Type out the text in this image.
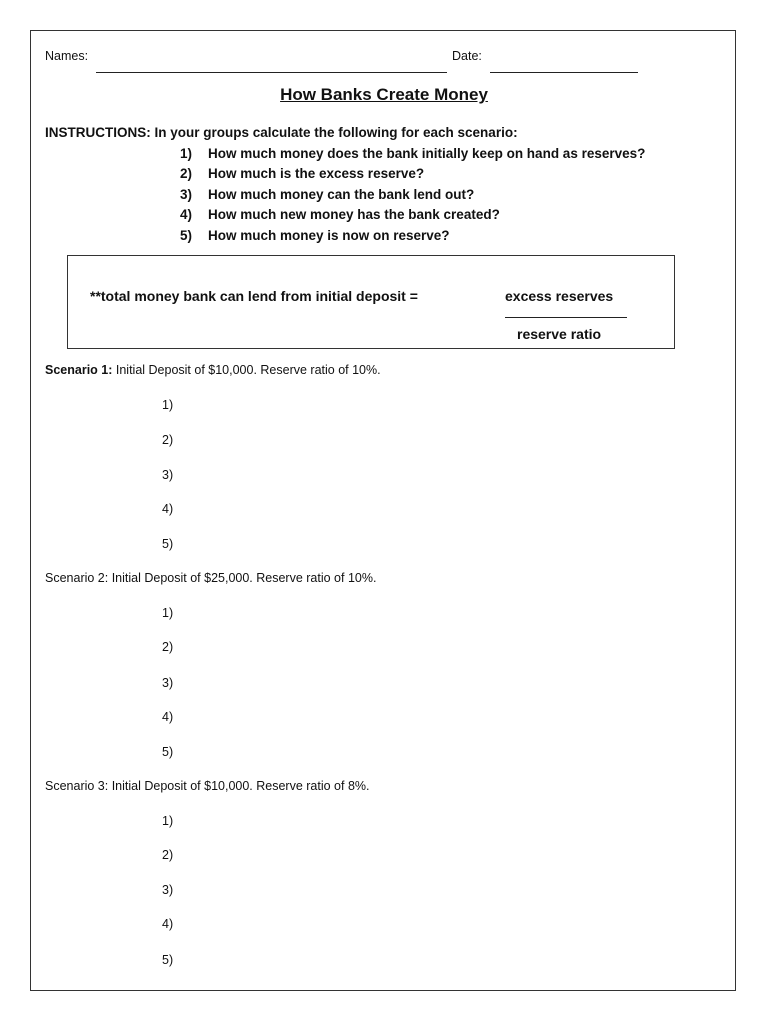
Names:	Date:
How Banks Create Money
INSTRUCTIONS: In your groups calculate the following for each scenario:
1) How much money does the bank initially keep on hand as reserves?
2) How much is the excess reserve?
3) How much money can the bank lend out?
4) How much new money has the bank created?
5) How much money is now on reserve?
**total money bank can lend from initial deposit =	excess reserves
reserve ratio
Scenario 1: Initial Deposit of $10,000. Reserve ratio of 10%.
1)
2)
3)
4)
5)
Scenario 2: Initial Deposit of $25,000. Reserve ratio of 10%.
1)
2)
3)
4)
5)
Scenario 3: Initial Deposit of $10,000. Reserve ratio of 8%.
1)
2)
3)
4)
5)
